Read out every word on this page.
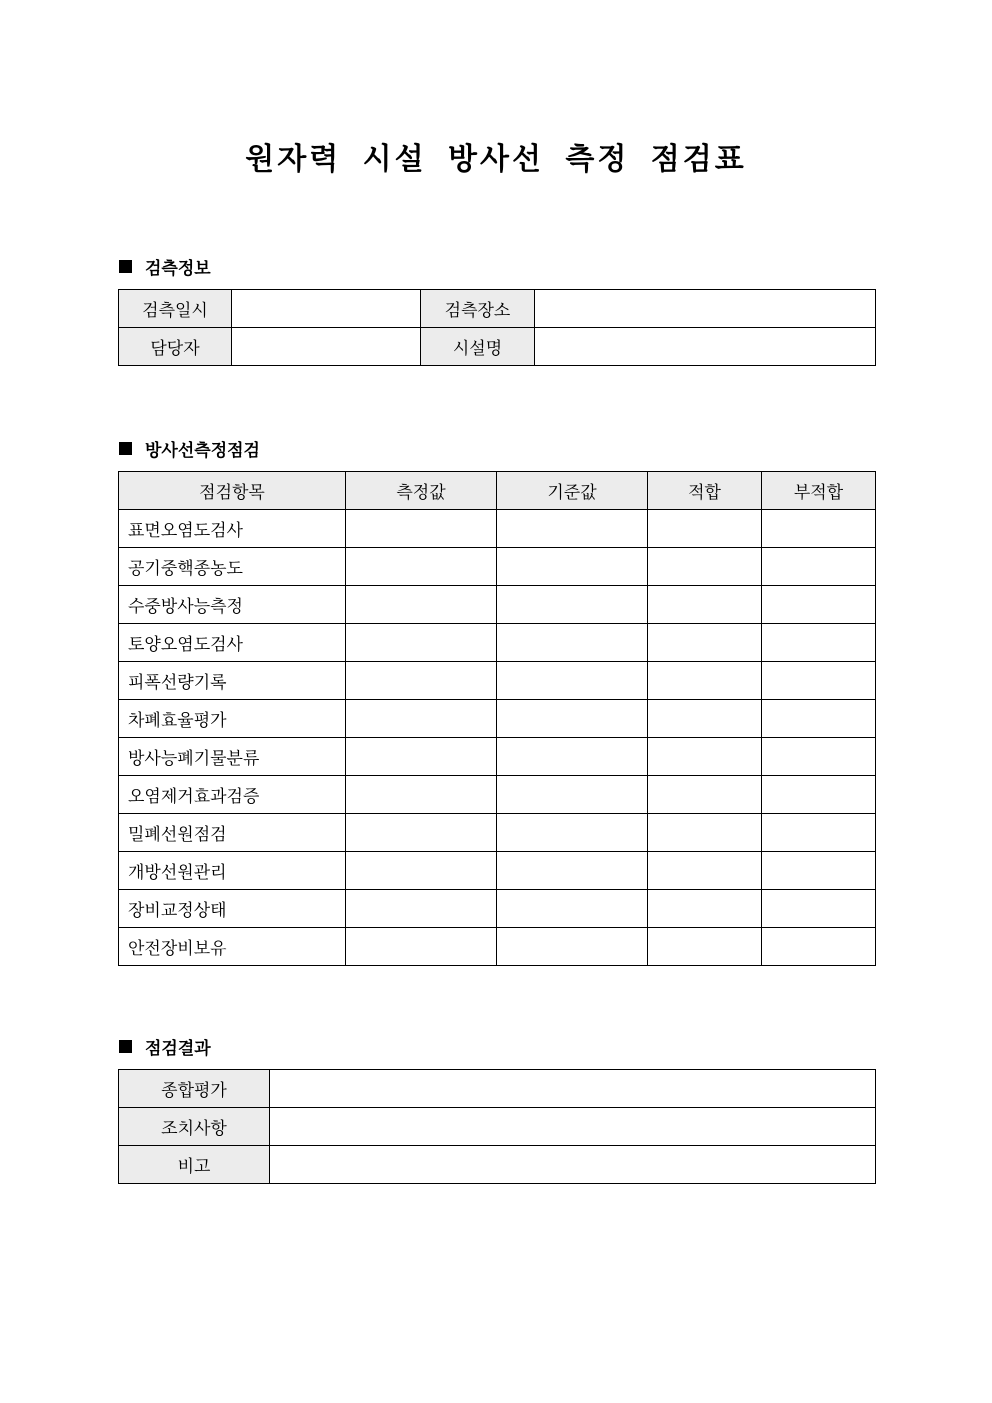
원자력 시설 방사선 측정 점검표
검측정보
검측일시		검측장소	
담당자		시설명	
방사선측정점검
점검항목	측정값	기준값	적합	부적합
표면오염도검사				
공기중핵종농도				
수중방사능측정				
토양오염도검사				
피폭선량기록				
차폐효율평가				
방사능폐기물분류				
오염제거효과검증				
밀폐선원점검				
개방선원관리				
장비교정상태				
안전장비보유				
점검결과
종합평가	
조치사항	
비고	
